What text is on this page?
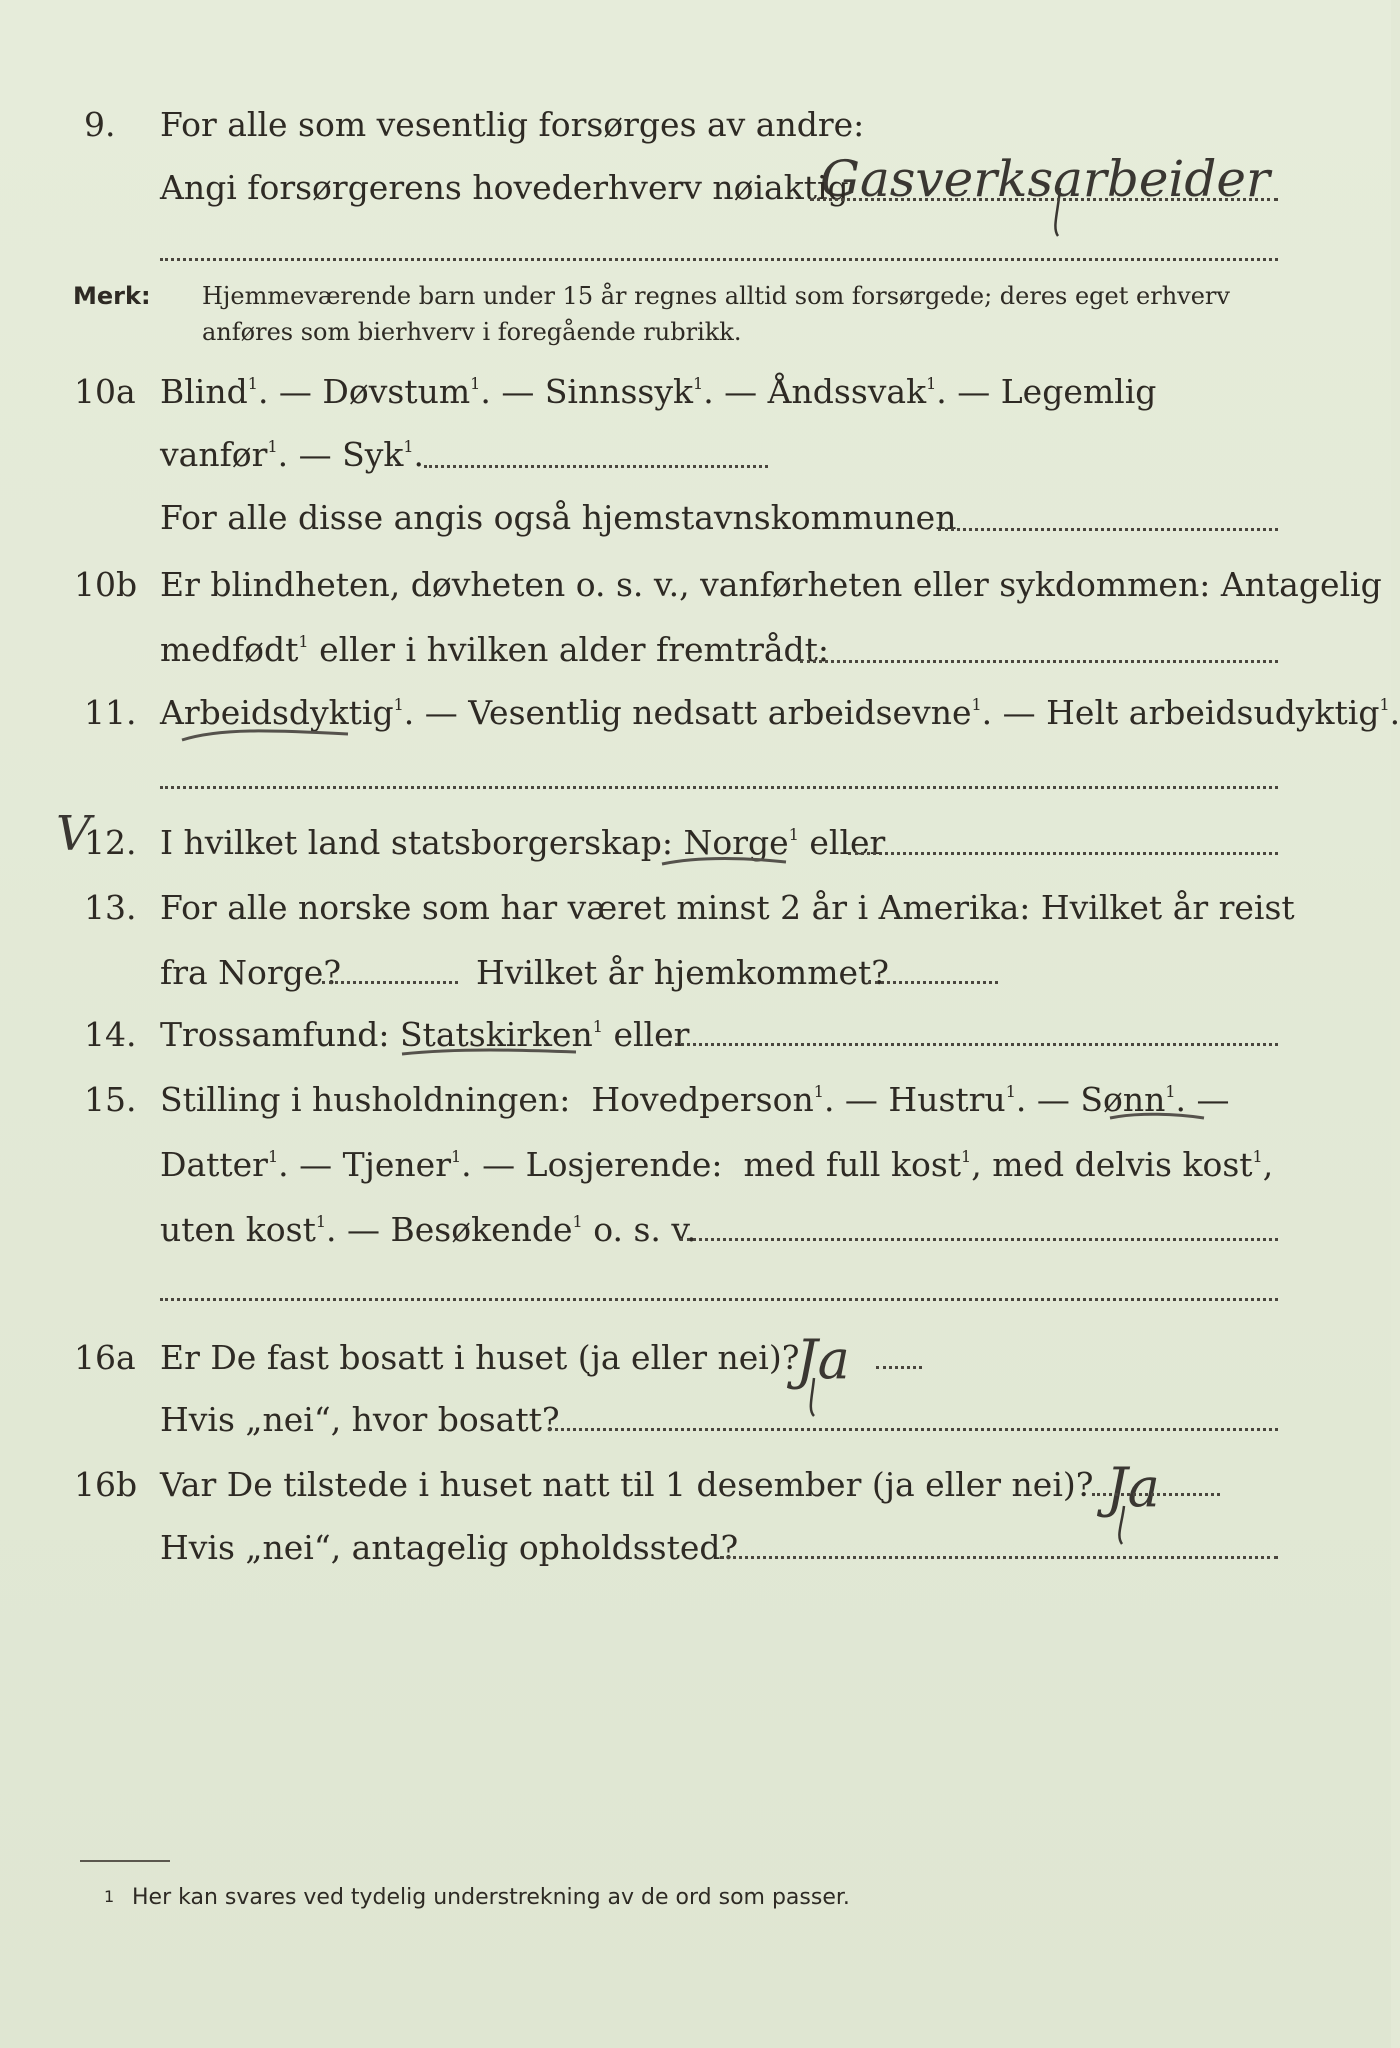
9. For alle som vesentlig forsørges av andre:
Gasverksarbeider
Angi forsørgerens hovederhverv nøiaktig
Merk: Hjemmeværende barn under 15 år regnes alltid som forsørgede; deres eget erhverv
anføres som bierhverv i foregående rubrikk.
10a Blind$^1$. — Døvstum$^1$. — Sinnssyk$^1$. — Åndssvak$^1$. — Legemlig
vanfør$^1$. — Syk$^1$.
For alle disse angis også hjemstavnskommunen
10b Er blindheten, døvheten o. s. v., vanførheten eller sykdommen: Antagelig
medfødt$^1$ eller i hvilken alder fremtrådt:
11. Arbeidsdyktig$^1$. — Vesentlig nedsatt arbeidsevne$^1$. — Helt arbeidsudyktig$^1$.
V
12. I hvilket land statsborgerskap: Norge$^1$ eller
13. For alle norske som har været minst 2 år i Amerika: Hvilket år reist
fra Norge?	Hvilket år hjemkommet?
14. Trossamfund: Statskirken$^1$ eller
15. Stilling i husholdningen: Hovedperson$^1$. — Hustru$^1$. — Sønn$^1$. —
Datter$^1$. — Tjener$^1$. — Losjerende: med full kost$^1$, med delvis kost$^1$,
uten kost$^1$. — Besøkende$^1$ o. s. v.
16a Er De fast bosatt i huset (ja eller nei)?
Ja
Hvis „nei“, hvor bosatt?
16b Var De tilstede i huset natt til 1 desember (ja eller nei)? Ja
Hvis „nei“, antagelig opholdssted?
1 Her kan svares ved tydelig understrekning av de ord som passer.
